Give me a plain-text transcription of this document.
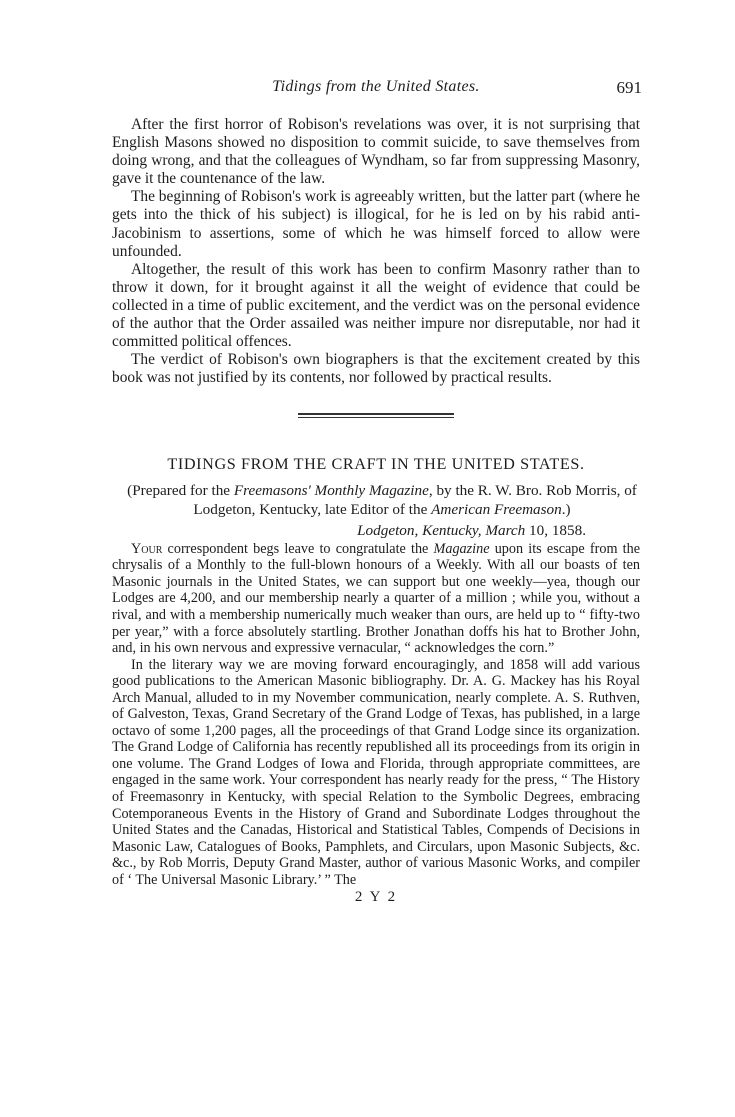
Tidings from the United States.	691

After the first horror of Robison's revelations was over, it is not surprising that English Masons showed no disposition to commit suicide, to save themselves from doing wrong, and that the colleagues of Wyndham, so far from suppressing Masonry, gave it the countenance of the law.

The beginning of Robison's work is agreeably written, but the latter part (where he gets into the thick of his subject) is illogical, for he is led on by his rabid anti-Jacobinism to assertions, some of which he was himself forced to allow were unfounded.

Altogether, the result of this work has been to confirm Masonry rather than to throw it down, for it brought against it all the weight of evidence that could be collected in a time of public excitement, and the verdict was on the personal evidence of the author that the Order assailed was neither impure nor disreputable, nor had it committed political offences.

The verdict of Robison's own biographers is that the excitement created by this book was not justified by its contents, nor followed by practical results.

TIDINGS FROM THE CRAFT IN THE UNITED STATES.
(Prepared for the Freemasons' Monthly Magazine, by the R. W. Bro. Rob Morris, of Lodgeton, Kentucky, late Editor of the American Freemason.)
Lodgeton, Kentucky, March 10, 1858.

Your correspondent begs leave to congratulate the Magazine upon its escape from the chrysalis of a Monthly to the full-blown honours of a Weekly. With all our boasts of ten Masonic journals in the United States, we can support but one weekly—yea, though our Lodges are 4,200, and our membership nearly a quarter of a million ; while you, without a rival, and with a membership numerically much weaker than ours, are held up to “ fifty-two per year,” with a force absolutely startling. Brother Jonathan doffs his hat to Brother John, and, in his own nervous and expressive vernacular, “ acknowledges the corn.”

In the literary way we are moving forward encouragingly, and 1858 will add various good publications to the American Masonic bibliography. Dr. A. G. Mackey has his Royal Arch Manual, alluded to in my November communication, nearly complete. A. S. Ruthven, of Galveston, Texas, Grand Secretary of the Grand Lodge of Texas, has published, in a large octavo of some 1,200 pages, all the proceedings of that Grand Lodge since its organization. The Grand Lodge of California has recently republished all its proceedings from its origin in one volume. The Grand Lodges of Iowa and Florida, through appropriate committees, are engaged in the same work. Your correspondent has nearly ready for the press, “ The History of Freemasonry in Kentucky, with special Relation to the Symbolic Degrees, embracing Cotemporaneous Events in the History of Grand and Subordinate Lodges throughout the United States and the Canadas, Historical and Statistical Tables, Compends of Decisions in Masonic Law, Catalogues of Books, Pamphlets, and Circulars, upon Masonic Subjects, &c. &c., by Rob Morris, Deputy Grand Master, author of various Masonic Works, and compiler of ‘ The Universal Masonic Library.’ ” The

2 Y 2
